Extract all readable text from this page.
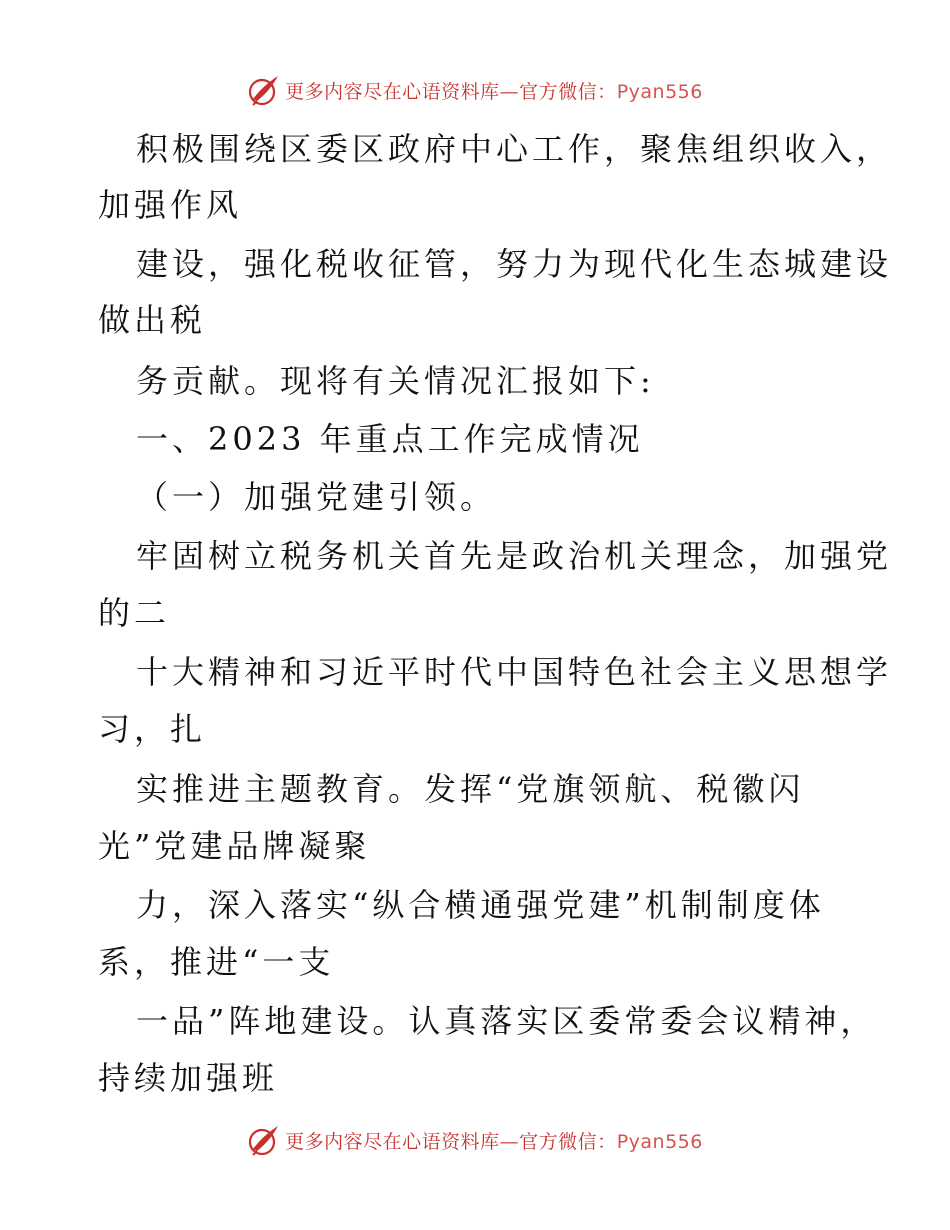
更多内容尽在心语资料库—官方微信：Pyan556
积极围绕区委区政府中心工作，聚焦组织收入，
加强作风
建设，强化税收征管，努力为现代化生态城建设
做出税
务贡献。现将有关情况汇报如下:
一、2023 年重点工作完成情况
（一）加强党建引领。
牢固树立税务机关首先是政治机关理念，加强党
的二
十大精神和习近平时代中国特色社会主义思想学
习，扎
实推进主题教育。发挥“党旗领航、税徽闪
光”党建品牌凝聚
力，深入落实“纵合横通强党建”机制制度体
系，推进“一支
一品”阵地建设。认真落实区委常委会议精神，
持续加强班
更多内容尽在心语资料库—官方微信：Pyan556
